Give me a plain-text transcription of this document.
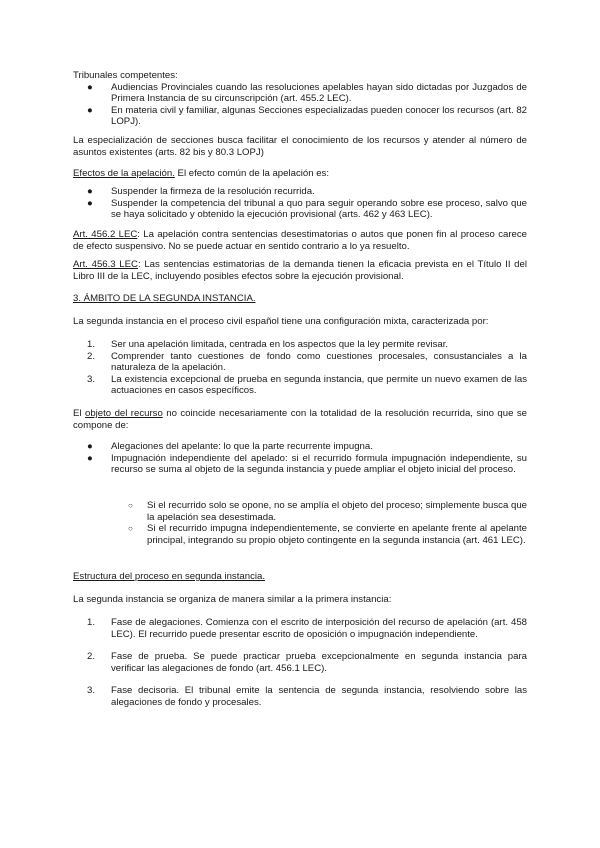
Tribunales competentes:
● Audiencias Provinciales cuando las resoluciones apelables hayan sido dictadas por Juzgados de Primera Instancia de su circunscripción (art. 455.2 LEC).
● En materia civil y familiar, algunas Secciones especializadas pueden conocer los recursos (art. 82 LOPJ).
La especialización de secciones busca facilitar el conocimiento de los recursos y atender al número de asuntos existentes (arts. 82 bis y 80.3 LOPJ)
Efectos de la apelación. El efecto común de la apelación es:
● Suspender la firmeza de la resolución recurrida.
● Suspender la competencia del tribunal a quo para seguir operando sobre ese proceso, salvo que se haya solicitado y obtenido la ejecución provisional (arts. 462 y 463 LEC).
Art. 456.2 LEC: La apelación contra sentencias desestimatorias o autos que ponen fin al proceso carece de efecto suspensivo. No se puede actuar en sentido contrario a lo ya resuelto.
Art. 456.3 LEC: Las sentencias estimatorias de la demanda tienen la eficacia prevista en el Título II del Libro III de la LEC, incluyendo posibles efectos sobre la ejecución provisional.
3. ÁMBITO DE LA SEGUNDA INSTANCIA.
La segunda instancia en el proceso civil español tiene una configuración mixta, caracterizada por:
1. Ser una apelación limitada, centrada en los aspectos que la ley permite revisar.
2. Comprender tanto cuestiones de fondo como cuestiones procesales, consustanciales a la naturaleza de la apelación.
3. La existencia excepcional de prueba en segunda instancia, que permite un nuevo examen de las actuaciones en casos específicos.
El objeto del recurso no coincide necesariamente con la totalidad de la resolución recurrida, sino que se compone de:
● Alegaciones del apelante: lo que la parte recurrente impugna.
● Impugnación independiente del apelado: si el recurrido formula impugnación independiente, su recurso se suma al objeto de la segunda instancia y puede ampliar el objeto inicial del proceso.
○ Si el recurrido solo se opone, no se amplía el objeto del proceso; simplemente busca que la apelación sea desestimada.
○ Si el recurrido impugna independientemente, se convierte en apelante frente al apelante principal, integrando su propio objeto contingente en la segunda instancia (art. 461 LEC).
Estructura del proceso en segunda instancia.
La segunda instancia se organiza de manera similar a la primera instancia:
1. Fase de alegaciones. Comienza con el escrito de interposición del recurso de apelación (art. 458 LEC). El recurrido puede presentar escrito de oposición o impugnación independiente.
2. Fase de prueba. Se puede practicar prueba excepcionalmente en segunda instancia para verificar las alegaciones de fondo (art. 456.1 LEC).
3. Fase decisoria. El tribunal emite la sentencia de segunda instancia, resolviendo sobre las alegaciones de fondo y procesales.
